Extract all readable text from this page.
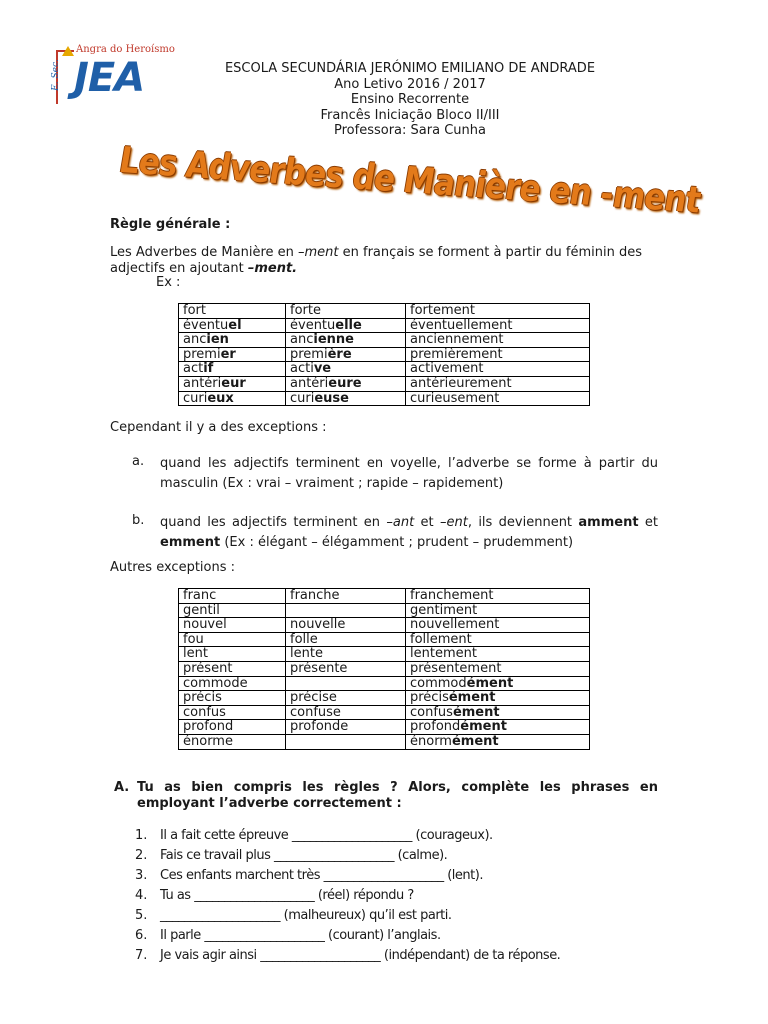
Angra do Heroísmo
E. Sec. JEA	ESCOLA SECUNDÁRIA JERÓNIMO EMILIANO DE ANDRADE
Ano Letivo 2016 / 2017
Ensino Recorrente
Francês Iniciação Bloco II/III
Professora: Sara Cunha
Les Adverbes de Manière en -ment
Règle générale :
Les Adverbes de Manière en –ment en français se forment à partir du féminin des
adjectifs en ajoutant –ment.
Ex :
fort	forte	fortement
éventuel	éventuelle	éventuellement
ancien	ancienne	anciennement
premier	première	premièrement
actif	active	activement
antérieur	antérieure	antérieurement
curieux	curieuse	curieusement
Cependant il y a des exceptions :
a. quand les adjectifs terminent en voyelle, l’adverbe se forme à partir du
masculin (Ex : vrai – vraiment ; rapide – rapidement)
b. quand les adjectifs terminent en –ant et –ent, ils deviennent amment et
emment (Ex : élégant – élégamment ; prudent – prudemment)
Autres exceptions :
franc	franche	franchement
gentil		gentiment
nouvel	nouvelle	nouvellement
fou	folle	follement
lent	lente	lentement
présent	présente	présentement
commode		commodément
précis	précise	précisément
confus	confuse	confusément
profond	profonde	profondément
énorme		énormément
A. Tu as bien compris les règles ? Alors, complète les phrases en
employant l’adverbe correctement :
1. Il a fait cette épreuve ____________________ (courageux).
2. Fais ce travail plus ____________________ (calme).
3. Ces enfants marchent très ____________________ (lent).
4. Tu as ____________________ (réel) répondu ?
5. ____________________ (malheureux) qu’il est parti.
6. Il parle ____________________ (courant) l’anglais.
7. Je vais agir ainsi ____________________ (indépendant) de ta réponse.
